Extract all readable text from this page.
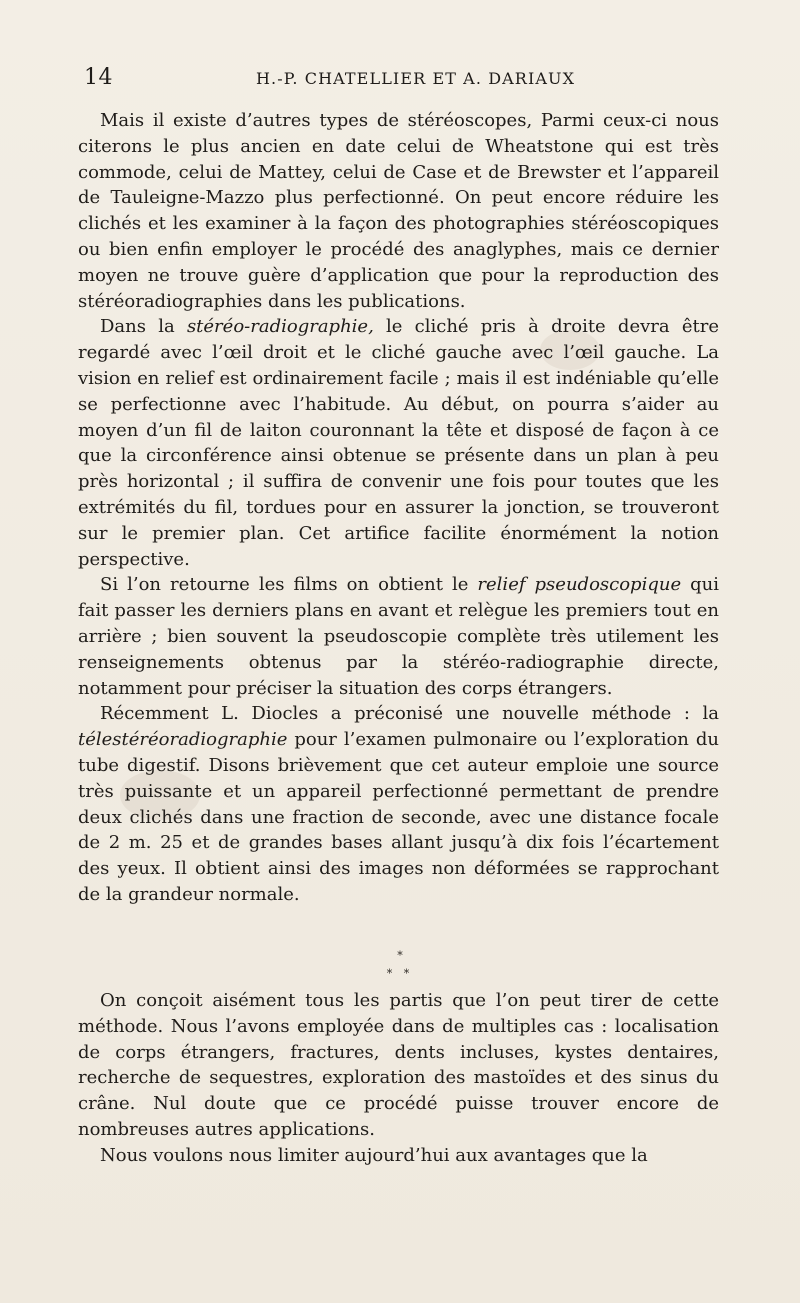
14	H.-P. CHATELLIER ET A. DARIAUX

Mais il existe d’autres types de stéréoscopes, Parmi ceux-ci nous citerons le plus ancien en date celui de Wheatstone qui est très commode, celui de Mattey, celui de Case et de Brewster et l’appareil de Tauleigne-Mazzo plus perfectionné. On peut encore réduire les clichés et les examiner à la façon des photographies stéréoscopiques ou bien enfin employer le procédé des anaglyphes, mais ce dernier moyen ne trouve guère d’application que pour la reproduction des stéréoradiographies dans les publications.

Dans la stéréo-radiographie, le cliché pris à droite devra être regardé avec l’œil droit et le cliché gauche avec l’œil gauche. La vision en relief est ordinairement facile ; mais il est indéniable qu’elle se perfectionne avec l’habitude. Au début, on pourra s’aider au moyen d’un fil de laiton couronnant la tête et disposé de façon à ce que la circonférence ainsi obtenue se présente dans un plan à peu près horizontal ; il suffira de convenir une fois pour toutes que les extrémités du fil, tordues pour en assurer la jonction, se trouveront sur le premier plan. Cet artifice facilite énormément la notion perspective.

Si l’on retourne les films on obtient le relief pseudoscopique qui fait passer les derniers plans en avant et relègue les premiers tout en arrière ; bien souvent la pseudoscopie complète très utilement les renseignements obtenus par la stéréo-radiographie directe, notamment pour préciser la situation des corps étrangers.

Récemment L. Diocles a préconisé une nouvelle méthode : la télestéréoradiographie pour l’examen pulmonaire ou l’exploration du tube digestif. Disons brièvement que cet auteur emploie une source très puissante et un appareil perfectionné permettant de prendre deux clichés dans une fraction de seconde, avec une distance focale de 2 m. 25 et de grandes bases allant jusqu’à dix fois l’écartement des yeux. Il obtient ainsi des images non déformées se rapprochant de la grandeur normale.

*
* *

On conçoit aisément tous les partis que l’on peut tirer de cette méthode. Nous l’avons employée dans de multiples cas : localisation de corps étrangers, fractures, dents incluses, kystes dentaires, recherche de sequestres, exploration des mastoïdes et des sinus du crâne. Nul doute que ce procédé puisse trouver encore de nombreuses autres applications.

Nous voulons nous limiter aujourd’hui aux avantages que la
